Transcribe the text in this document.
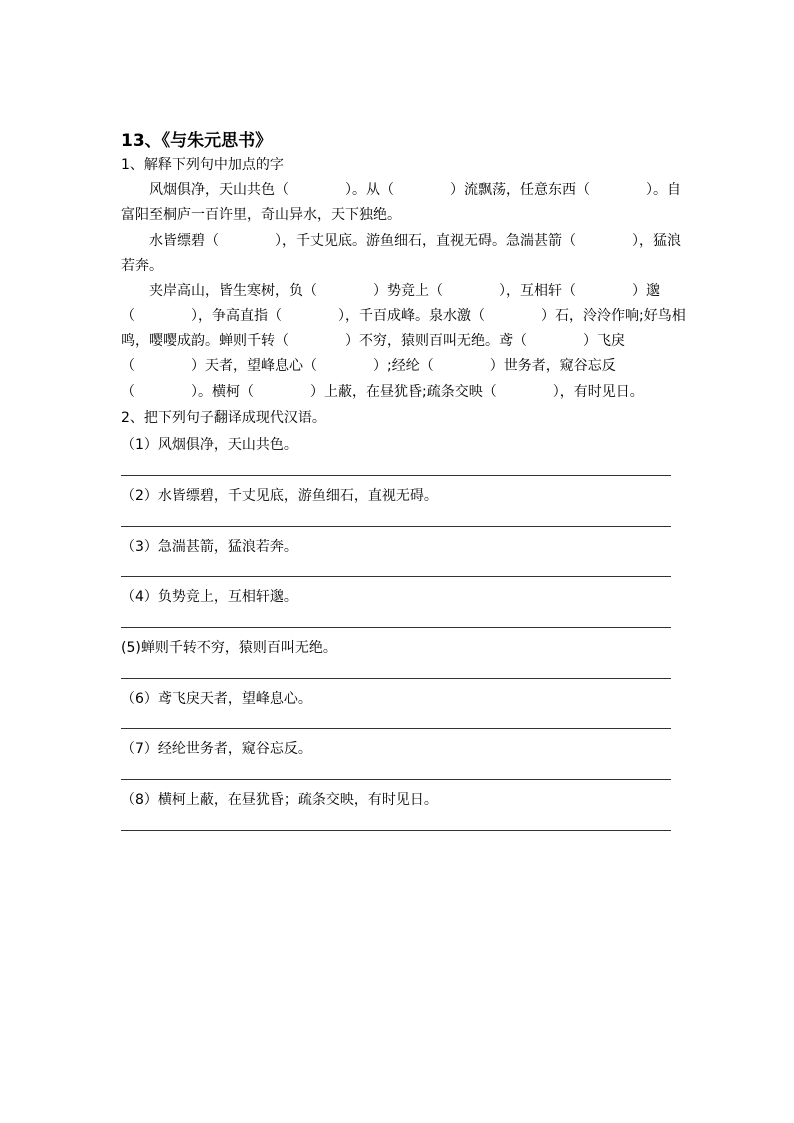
13、《与朱元思书》

1、解释下列句中加点的字

　　风烟俱净，天山共色（　　　　）。从（　　　　）流飘荡，任意东西（　　　　）。自

富阳至桐庐一百许里，奇山异水，天下独绝。

　　水皆缥碧（　　　　），千丈见底。游鱼细石，直视无碍。急湍甚箭（　　　　），猛浪

若奔。

　　夹岸高山，皆生寒树，负（　　　　）势竞上（　　　　），互相轩（　　　　）邈

（　　　　），争高直指（　　　　），千百成峰。泉水激（　　　　）石，泠泠作响;好鸟相

鸣，嘤嘤成韵。蝉则千转（　　　　）不穷，猿则百叫无绝。鸢（　　　　）飞戾

（　　　　）天者，望峰息心（　　　　）;经纶（　　　　）世务者，窥谷忘反

（　　　　）。横柯（　　　　）上蔽，在昼犹昏;疏条交映（　　　　），有时见日。

2、把下列句子翻译成现代汉语。

（1）风烟俱净，天山共色。
（2）水皆缥碧，千丈见底，游鱼细石，直视无碍。
（3）急湍甚箭，猛浪若奔。
（4）负势竞上，互相轩邈。
(5)蝉则千转不穷，猿则百叫无绝。
（6）鸢飞戾天者，望峰息心。
（7）经纶世务者，窥谷忘反。
（8）横柯上蔽，在昼犹昏；疏条交映，有时见日。
